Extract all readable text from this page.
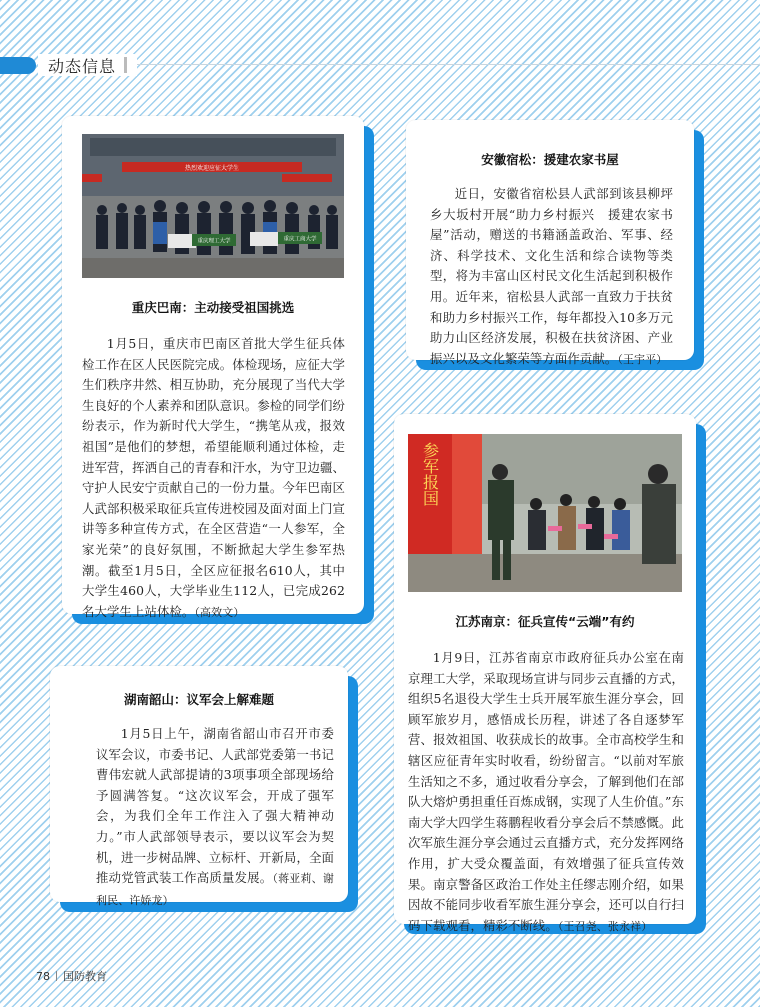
动态信息
热烈欢迎应征大学生
重庆理工大学	重庆工商大学
重庆巴南：主动接受祖国挑选
1月5日，重庆市巴南区首批大学生征兵体检工作在区人民医院完成。体检现场，应征大学生们秩序井然、相互协助，充分展现了当代大学生良好的个人素养和团队意识。参检的同学们纷纷表示，作为新时代大学生，“携笔从戎，报效祖国”是他们的梦想，希望能顺利通过体检，走进军营，挥洒自己的青春和汗水，为守卫边疆、守护人民安宁贡献自己的一份力量。今年巴南区人武部积极采取征兵宣传进校园及面对面上门宣讲等多种宣传方式，在全区营造“一人参军，全家光荣”的良好氛围，不断掀起大学生参军热潮。截至1月5日，全区应征报名610人，其中大学生460人，大学毕业生112人，已完成262名大学生上站体检。（高效文）
安徽宿松：援建农家书屋
近日，安徽省宿松县人武部到该县柳坪乡大坂村开展“助力乡村振兴　援建农家书屋”活动，赠送的书籍涵盖政治、军事、经济、科学技术、文化生活和综合读物等类型，将为丰富山区村民文化生活起到积极作用。近年来，宿松县人武部一直致力于扶贫和助力乡村振兴工作，每年都投入10多万元助力山区经济发展，积极在扶贫济困、产业振兴以及文化繁荣等方面作贡献。（王宇平）
参军报国
江苏南京：征兵宣传“云端”有约
1月9日，江苏省南京市政府征兵办公室在南京理工大学，采取现场宣讲与同步云直播的方式，组织5名退役大学生士兵开展军旅生涯分享会，回顾军旅岁月，感悟成长历程，讲述了各自逐梦军营、报效祖国、收获成长的故事。全市高校学生和辖区应征青年实时收看，纷纷留言。“以前对军旅生活知之不多，通过收看分享会，了解到他们在部队大熔炉勇担重任百炼成钢，实现了人生价值。”东南大学大四学生蒋鹏程收看分享会后不禁感慨。此次军旅生涯分享会通过云直播方式，充分发挥网络作用，扩大受众覆盖面，有效增强了征兵宣传效果。南京警备区政治工作处主任缪志刚介绍，如果因故不能同步收看军旅生涯分享会，还可以自行扫码下载观看，精彩不断线。（王召尧、张永祥）
湖南韶山：议军会上解难题
1月5日上午，湖南省韶山市召开市委议军会议，市委书记、人武部党委第一书记曹伟宏就人武部提请的3项事项全部现场给予圆满答复。“这次议军会，开成了强军会，为我们全年工作注入了强大精神动力。”市人武部领导表示，要以议军会为契机，进一步树品牌、立标杆、开新局，全面推动党管武装工作高质量发展。（蒋亚莉、谢利民、许娇龙）
78 国防教育
